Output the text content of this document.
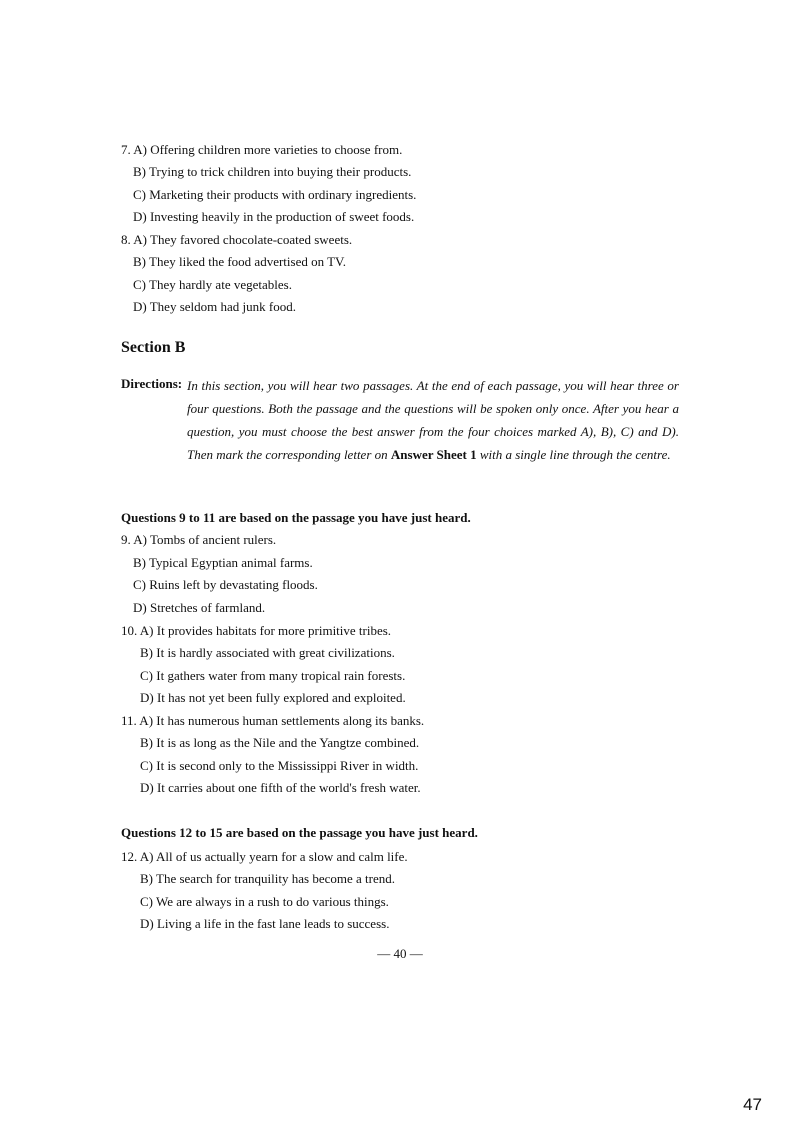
7. A) Offering children more varieties to choose from.
B) Trying to trick children into buying their products.
C) Marketing their products with ordinary ingredients.
D) Investing heavily in the production of sweet foods.
8. A) They favored chocolate-coated sweets.
B) They liked the food advertised on TV.
C) They hardly ate vegetables.
D) They seldom had junk food.
Section B
Directions: In this section, you will hear two passages. At the end of each passage, you will hear three or four questions. Both the passage and the questions will be spoken only once. After you hear a question, you must choose the best answer from the four choices marked A), B), C) and D). Then mark the corresponding letter on Answer Sheet 1 with a single line through the centre.
Questions 9 to 11 are based on the passage you have just heard.
9. A) Tombs of ancient rulers.
B) Typical Egyptian animal farms.
C) Ruins left by devastating floods.
D) Stretches of farmland.
10. A) It provides habitats for more primitive tribes.
B) It is hardly associated with great civilizations.
C) It gathers water from many tropical rain forests.
D) It has not yet been fully explored and exploited.
11. A) It has numerous human settlements along its banks.
B) It is as long as the Nile and the Yangtze combined.
C) It is second only to the Mississippi River in width.
D) It carries about one fifth of the world's fresh water.
Questions 12 to 15 are based on the passage you have just heard.
12. A) All of us actually yearn for a slow and calm life.
B) The search for tranquility has become a trend.
C) We are always in a rush to do various things.
D) Living a life in the fast lane leads to success.
— 40 —
47
